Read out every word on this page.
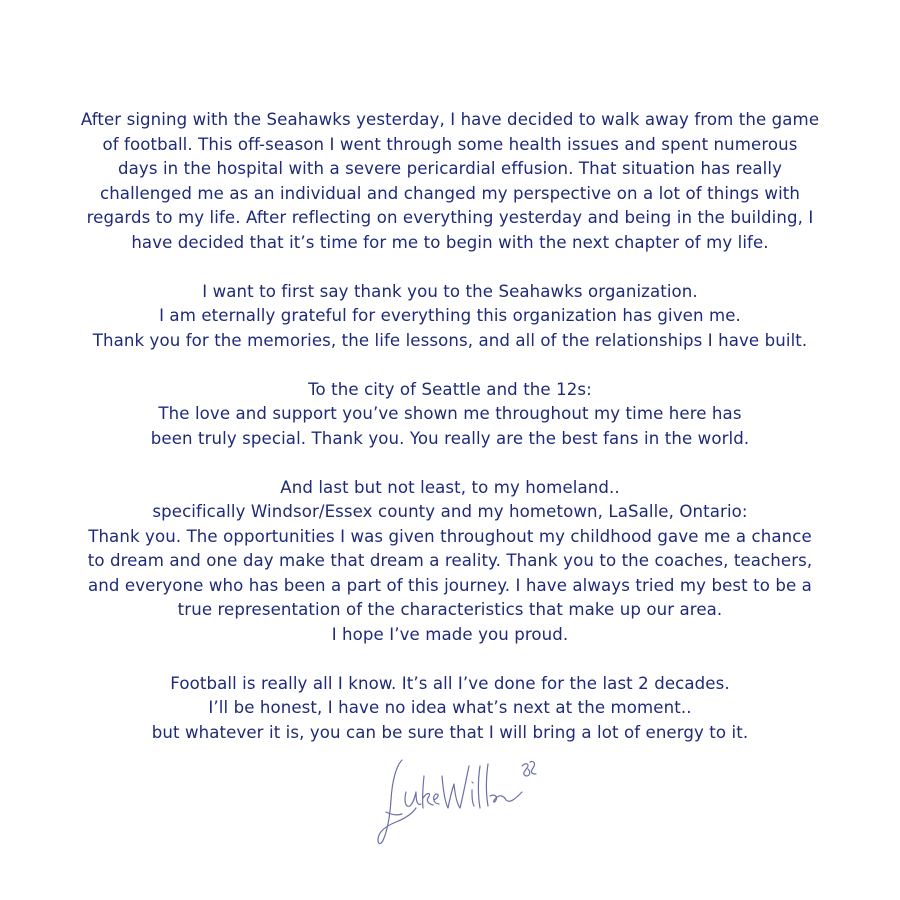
After signing with the Seahawks yesterday, I have decided to walk away from the game
of football. This off-season I went through some health issues and spent numerous
days in the hospital with a severe pericardial effusion. That situation has really
challenged me as an individual and changed my perspective on a lot of things with
regards to my life. After reflecting on everything yesterday and being in the building, I
have decided that it’s time for me to begin with the next chapter of my life.
I want to first say thank you to the Seahawks organization.
I am eternally grateful for everything this organization has given me.
Thank you for the memories, the life lessons, and all of the relationships I have built.
To the city of Seattle and the 12s:
The love and support you’ve shown me throughout my time here has
been truly special. Thank you. You really are the best fans in the world.
And last but not least, to my homeland..
specifically Windsor/Essex county and my hometown, LaSalle, Ontario:
Thank you. The opportunities I was given throughout my childhood gave me a chance
to dream and one day make that dream a reality. Thank you to the coaches, teachers,
and everyone who has been a part of this journey. I have always tried my best to be a
true representation of the characteristics that make up our area.
I hope I’ve made you proud.
Football is really all I know. It’s all I’ve done for the last 2 decades.
I’ll be honest, I have no idea what’s next at the moment..
but whatever it is, you can be sure that I will bring a lot of energy to it.
